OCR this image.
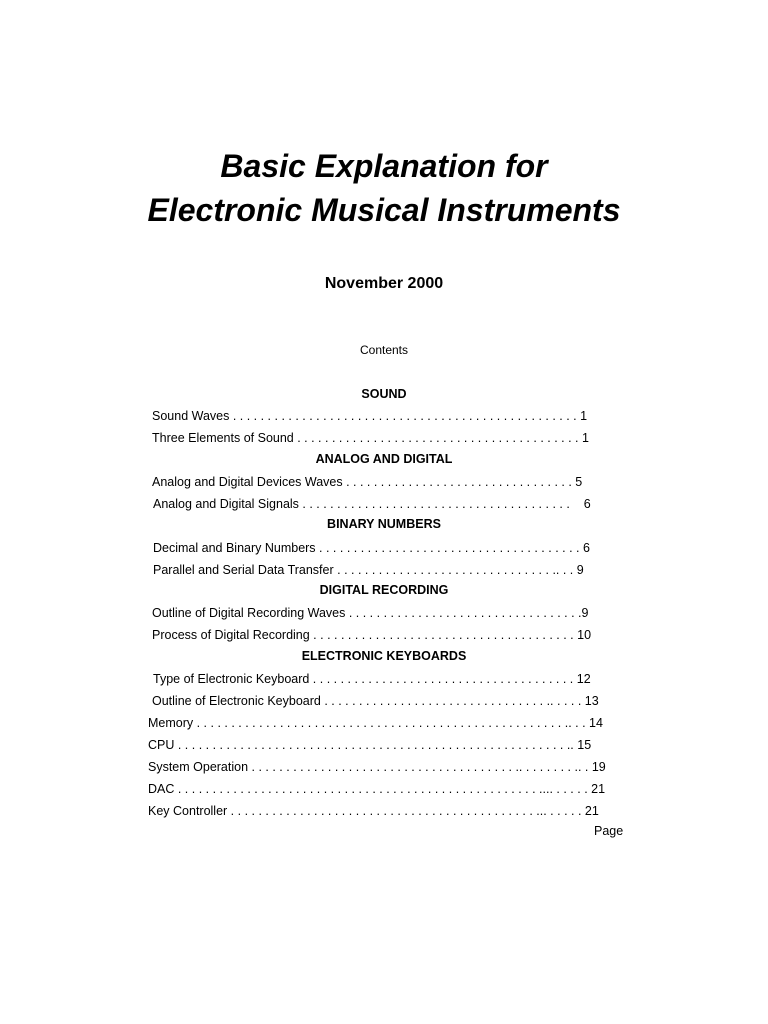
Basic Explanation for
Electronic Musical Instruments
November 2000
Contents
SOUND
Sound Waves . . . . . . . . . . . . . . . . . . . . . . . . . . . . . . . . . . . . . . . . . . . . . . . . . . 1
Three Elements of Sound . . . . . . . . . . . . . . . . . . . . . . . . . . . . . . . . . . . . . . . . . 1
ANALOG AND DIGITAL
Analog and Digital Devices Waves . . . . . . . . . . . . . . . . . . . . . . . . . . . . . . . . . 5
Analog and Digital Signals . . . . . . . . . . . . . . . . . . . . . . . . . . . . . . . . . . . . . . .    6
BINARY NUMBERS
Decimal and Binary Numbers . . . . . . . . . . . . . . . . . . . . . . . . . . . . . . . . . . . . . . 6
Parallel and Serial Data Transfer . . . . . . . . . . . . . . . . . . . . . . . . . . . . . . . .. . . 9
DIGITAL RECORDING
Outline of Digital Recording Waves . . . . . . . . . . . . . . . . . . . . . . . . . . . . . . . . . .9
Process of Digital Recording . . . . . . . . . . . . . . . . . . . . . . . . . . . . . . . . . . . . . . 10
ELECTRONIC KEYBOARDS
Type of Electronic Keyboard . . . . . . . . . . . . . . . . . . . . . . . . . . . . . . . . . . . . . . 12
Outline of Electronic Keyboard . . . . . . . . . . . . . . . . . . . . . . . . . . . . . . . . .. . . . . 13
Memory . . . . . . . . . . . . . . . . . . . . . . . . . . . . . . . . . . . . . . . . . . . . . . . . . . . . . .. . . 14
CPU . . . . . . . . . . . . . . . . . . . . . . . . . . . . . . . . . . . . . . . . . . . . . . . . . . . . . . . . .. 15
System Operation . . . . . . . . . . . . . . . . . . . . . . . . . . . . . . . . . . . . . . .. . . . . . . . .. . 19
DAC . . . . . . . . . . . . . . . . . . . . . . . . . . . . . . . . . . . . . . . . . . . . . . . . . . . . .... . . . . . 21
Key Controller . . . . . . . . . . . . . . . . . . . . . . . . . . . . . . . . . . . . . . . . . . . . ... . . . . . 21
Page
